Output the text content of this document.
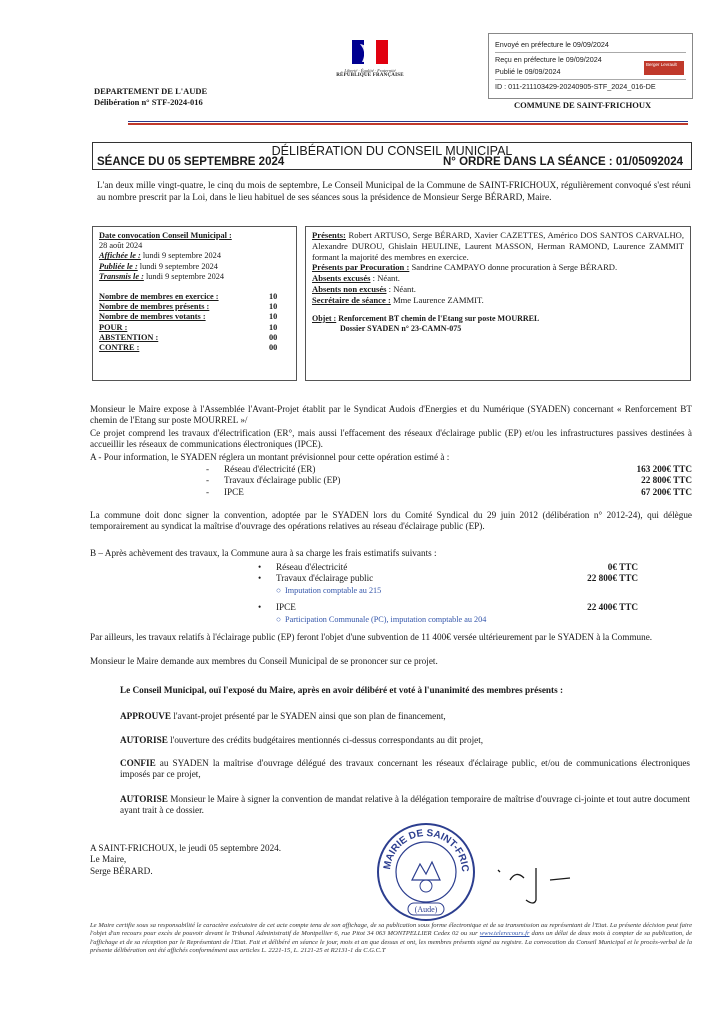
Liberté · Égalité · Fraternité
RÉPUBLIQUE FRANÇAISE
DEPARTEMENT DE L'AUDE
Délibération n° STF-2024-016
Envoyé en préfecture le 09/09/2024
Reçu en préfecture le 09/09/2024
Publié le 09/09/2024
ID : 011-211103429-20240905-STF_2024_016-DE
Berger Levrault
COMMUNE DE SAINT-FRICHOUX
DÉLIBÉRATION DU CONSEIL MUNICIPAL
SÉANCE DU 05 SEPTEMBRE 2024	N° ORDRE DANS LA SÉANCE : 01/05092024
L'an deux mille vingt-quatre, le cinq du mois de septembre, Le Conseil Municipal de la Commune de SAINT-FRICHOUX, régulièrement convoqué s'est réuni au nombre prescrit par la Loi, dans le lieu habituel de ses séances sous la présidence de Monsieur Serge BÉRARD, Maire.
Date convocation Conseil Municipal :
28 août 2024
Affichée le : lundi 9 septembre 2024
Publiée le : lundi 9 septembre 2024
Transmis le : lundi 9 septembre 2024
Nombre de membres en exercice :	10
Nombre de membres présents :	10
Nombre de membres votants :	10
POUR :	10
ABSTENTION :	00
CONTRE :	00
Présents: Robert ARTUSO, Serge BÉRARD, Xavier CAZETTES, Américo DOS SANTOS CARVALHO, Alexandre DUROU, Ghislain HEULINE, Laurent MASSON, Herman RAMOND, Laurence ZAMMIT formant la majorité des membres en exercice.
Présents par Procuration : Sandrine CAMPAYO donne procuration à Serge BÉRARD.
Absents excusés : Néant.
Absents non excusés : Néant.
Secrétaire de séance : Mme Laurence ZAMMIT.
Objet : Renforcement BT chemin de l'Etang sur poste MOURREL
Dossier SYADEN n° 23-CAMN-075
Monsieur le Maire expose à l'Assemblée l'Avant-Projet établit par le Syndicat Audois d'Energies et du Numérique (SYADEN) concernant « Renforcement BT chemin de l'Etang sur poste MOURREL »/
Ce projet comprend les travaux d'électrification (ER°, mais aussi l'effacement des réseaux d'éclairage public (EP) et/ou les infrastructures passives destinées à accueillir les réseaux de communications électroniques (IPCE).
A - Pour information, le SYADEN réglera un montant prévisionnel pour cette opération estimé à :
-	Réseau d'électricité (ER)	163 200€ TTC
-	Travaux d'éclairage public (EP)	22 800€ TTC
-	IPCE	67 200€ TTC
La commune doit donc signer la convention, adoptée par le SYADEN lors du Comité Syndical du 29 juin 2012 (délibération n° 2012-24), qui délègue temporairement au syndicat la maîtrise d'ouvrage des opérations relatives au réseau d'éclairage public (EP).
B – Après achèvement des travaux, la Commune aura à sa charge les frais estimatifs suivants :
•	Réseau d'électricité	0€ TTC
•	Travaux d'éclairage public	22 800€ TTC
○  Imputation comptable au 215
•	IPCE	22 400€ TTC
○  Participation Communale (PC), imputation comptable au 204
Par ailleurs, les travaux relatifs à l'éclairage public (EP) feront l'objet d'une subvention de 11 400€ versée ultérieurement par le SYADEN à la Commune.
Monsieur le Maire demande aux membres du Conseil Municipal de se prononcer sur ce projet.
Le Conseil Municipal, ouï l'exposé du Maire, après en avoir délibéré et voté à l'unanimité des membres présents :
APPROUVE l'avant-projet présenté par le SYADEN ainsi que son plan de financement,
AUTORISE l'ouverture des crédits budgétaires mentionnés ci-dessus correspondants au dit projet,
CONFIE au SYADEN la maîtrise d'ouvrage délégué des travaux concernant les réseaux d'éclairage public, et/ou de communications électroniques imposés par ce projet,
AUTORISE Monsieur le Maire à signer la convention de mandat relative à la délégation temporaire de maîtrise d'ouvrage ci-jointe et tout autre document ayant trait à ce dossier.
A SAINT-FRICHOUX, le jeudi 05 septembre 2024.
Le Maire,
Serge BÉRARD.
MAIRIE DE SAINT-FRIC
(Aude)
Le Maire certifie sous sa responsabilité le caractère exécutoire de cet acte compte tenu de son affichage, de sa publication sous forme électronique et de sa transmission au représentant de l'Etat. La présente décision peut faire l'objet d'un recours pour excès de pouvoir devant le Tribunal Administratif de Montpellier 6, rue Pitot 34 063 MONTPELLIER Cedex 02 ou sur www.telerecours.fr dans un délai de deux mois à compter de sa publication, de l'affichage et de sa réception par le Représentant de l'Etat. Fait et délibéré en séance le jour, mois et an que dessus et ont, les membres présents signé au registre. La convocation du Conseil Municipal et le procès-verbal de la présente délibération ont été affichés conformément aux articles L. 2221-15, L. 2121-25 et R2131-1 du C.G.C.T
